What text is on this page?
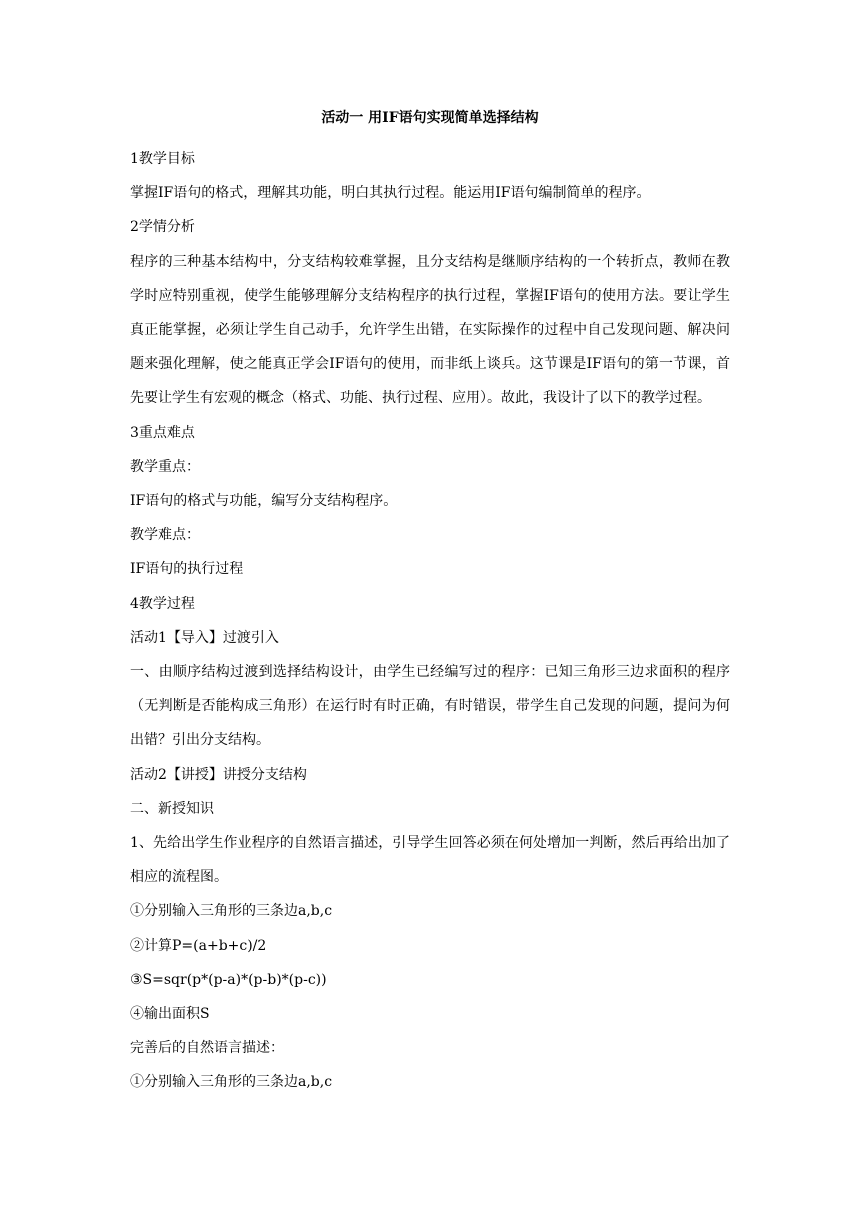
活动一 用IF语句实现简单选择结构

1教学目标

掌握IF语句的格式，理解其功能，明白其执行过程。能运用IF语句编制简单的程序。

2学情分析

程序的三种基本结构中，分支结构较难掌握，且分支结构是继顺序结构的一个转折点，教师在教学时应特别重视，使学生能够理解分支结构程序的执行过程，掌握IF语句的使用方法。要让学生真正能掌握，必须让学生自己动手，允许学生出错，在实际操作的过程中自己发现问题、解决问题来强化理解，使之能真正学会IF语句的使用，而非纸上谈兵。这节课是IF语句的第一节课，首先要让学生有宏观的概念（格式、功能、执行过程、应用）。故此，我设计了以下的教学过程。

3重点难点

教学重点：

IF语句的格式与功能，编写分支结构程序。

教学难点：

IF语句的执行过程

4教学过程

活动1【导入】过渡引入

一、由顺序结构过渡到选择结构设计，由学生已经编写过的程序：已知三角形三边求面积的程序（无判断是否能构成三角形）在运行时有时正确，有时错误，带学生自己发现的问题，提问为何出错？引出分支结构。

活动2【讲授】讲授分支结构

二、新授知识

1、先给出学生作业程序的自然语言描述，引导学生回答必须在何处增加一判断，然后再给出加了相应的流程图。

①分别输入三角形的三条边a,b,c

②计算P=(a+b+c)/2

③S=sqr(p*(p-a)*(p-b)*(p-c))

④输出面积S

完善后的自然语言描述：

①分别输入三角形的三条边a,b,c
